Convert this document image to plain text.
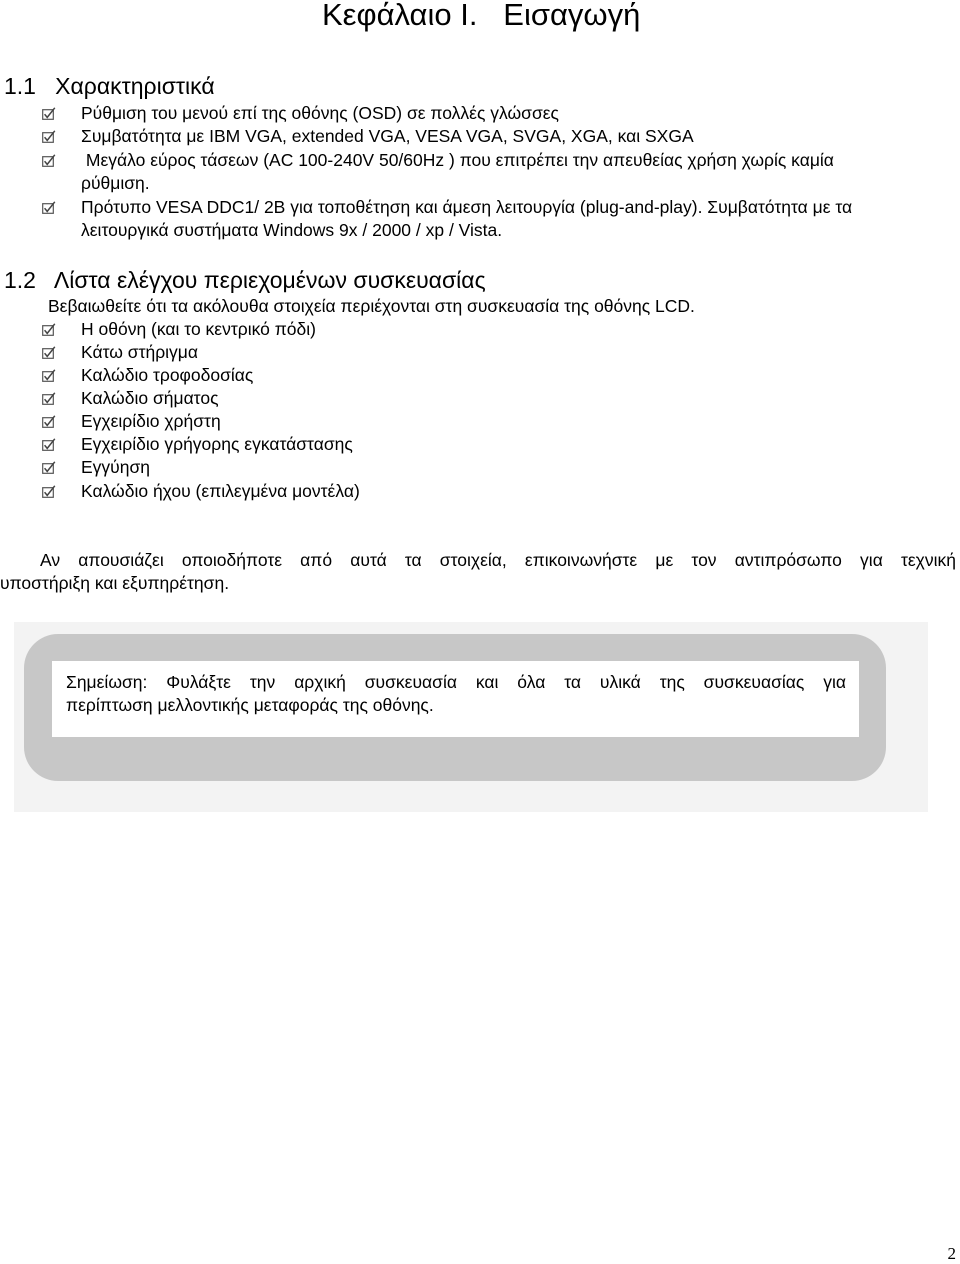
Κεφάλαιο Ι.   Εισαγωγή
1.1   Χαρακτηριστικά
Ρύθμιση του μενού επί της οθόνης (OSD) σε πολλές γλώσσες
Συμβατότητα με IBM VGA, extended VGA, VESA VGA, SVGA, XGA, και SXGA
Μεγάλο εύρος τάσεων (AC 100-240V 50/60Hz ) που επιτρέπει την απευθείας χρήση χωρίς καμία
ρύθμιση.
Πρότυπο VESA DDC1/ 2B για τοποθέτηση και άμεση λειτουργία (plug-and-play). Συμβατότητα με τα
λειτουργικά συστήματα Windows 9x / 2000 / xp / Vista.
1.2   Λίστα ελέγχου περιεχομένων συσκευασίας
Βεβαιωθείτε ότι τα ακόλουθα στοιχεία περιέχονται στη συσκευασία της οθόνης LCD.
Η οθόνη (και το κεντρικό πόδι)
Κάτω στήριγμα
Καλώδιο τροφοδοσίας
Καλώδιο σήματος
Εγχειρίδιο χρήστη
Εγχειρίδιο γρήγορης εγκατάστασης
Εγγύηση
Καλώδιο ήχου (επιλεγμένα μοντέλα)
Αν απουσιάζει οποιοδήποτε από αυτά τα στοιχεία, επικοινωνήστε με τον αντιπρόσωπο για τεχνική
υποστήριξη και εξυπηρέτηση.
Σημείωση: Φυλάξτε την αρχική συσκευασία και όλα τα υλικά της συσκευασίας για
περίπτωση μελλοντικής μεταφοράς της οθόνης.
2
